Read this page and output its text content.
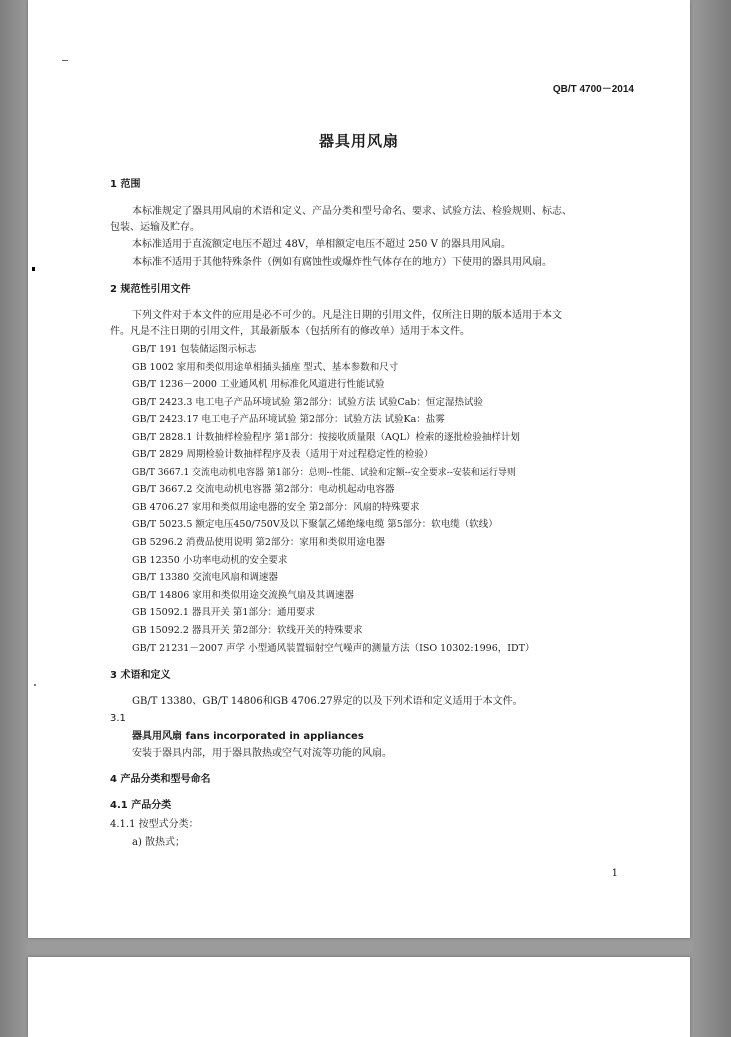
QB/T 4700－2014
器具用风扇
1 范围
本标准规定了器具用风扇的术语和定义、产品分类和型号命名、要求、试验方法、检验规则、标志、
包装、运输及贮存。
本标准适用于直流额定电压不超过 48V，单相额定电压不超过 250 V 的器具用风扇。
本标准不适用于其他特殊条件（例如有腐蚀性或爆炸性气体存在的地方）下使用的器具用风扇。
2 规范性引用文件
下列文件对于本文件的应用是必不可少的。凡是注日期的引用文件，仅所注日期的版本适用于本文
件。凡是不注日期的引用文件，其最新版本（包括所有的修改单）适用于本文件。
GB/T 191 包装储运图示标志
GB 1002 家用和类似用途单相插头插座 型式、基本参数和尺寸
GB/T 1236－2000 工业通风机 用标准化风道进行性能试验
GB/T 2423.3 电工电子产品环境试验 第2部分：试验方法 试验Cab：恒定湿热试验
GB/T 2423.17 电工电子产品环境试验 第2部分：试验方法 试验Ka：盐雾
GB/T 2828.1 计数抽样检验程序 第1部分：按接收质量限（AQL）检索的逐批检验抽样计划
GB/T 2829 周期检验计数抽样程序及表（适用于对过程稳定性的检验）
GB/T 3667.1 交流电动机电容器 第1部分：总则--性能、试验和定额--安全要求--安装和运行导则
GB/T 3667.2 交流电动机电容器 第2部分：电动机起动电容器
GB 4706.27 家用和类似用途电器的安全 第2部分：风扇的特殊要求
GB/T 5023.5 额定电压450/750V及以下聚氯乙烯绝缘电缆 第5部分：软电缆（软线）
GB 5296.2 消费品使用说明 第2部分：家用和类似用途电器
GB 12350 小功率电动机的安全要求
GB/T 13380 交流电风扇和调速器
GB/T 14806 家用和类似用途交流换气扇及其调速器
GB 15092.1 器具开关 第1部分：通用要求
GB 15092.2 器具开关 第2部分：软线开关的特殊要求
GB/T 21231－2007 声学 小型通风装置辐射空气噪声的测量方法（ISO 10302:1996，IDT）
3 术语和定义
GB/T 13380、GB/T 14806和GB 4706.27界定的以及下列术语和定义适用于本文件。
3.1
器具用风扇 fans incorporated in appliances
安装于器具内部，用于器具散热或空气对流等功能的风扇。
4 产品分类和型号命名
4.1 产品分类
4.1.1 按型式分类：
a) 散热式；
1
